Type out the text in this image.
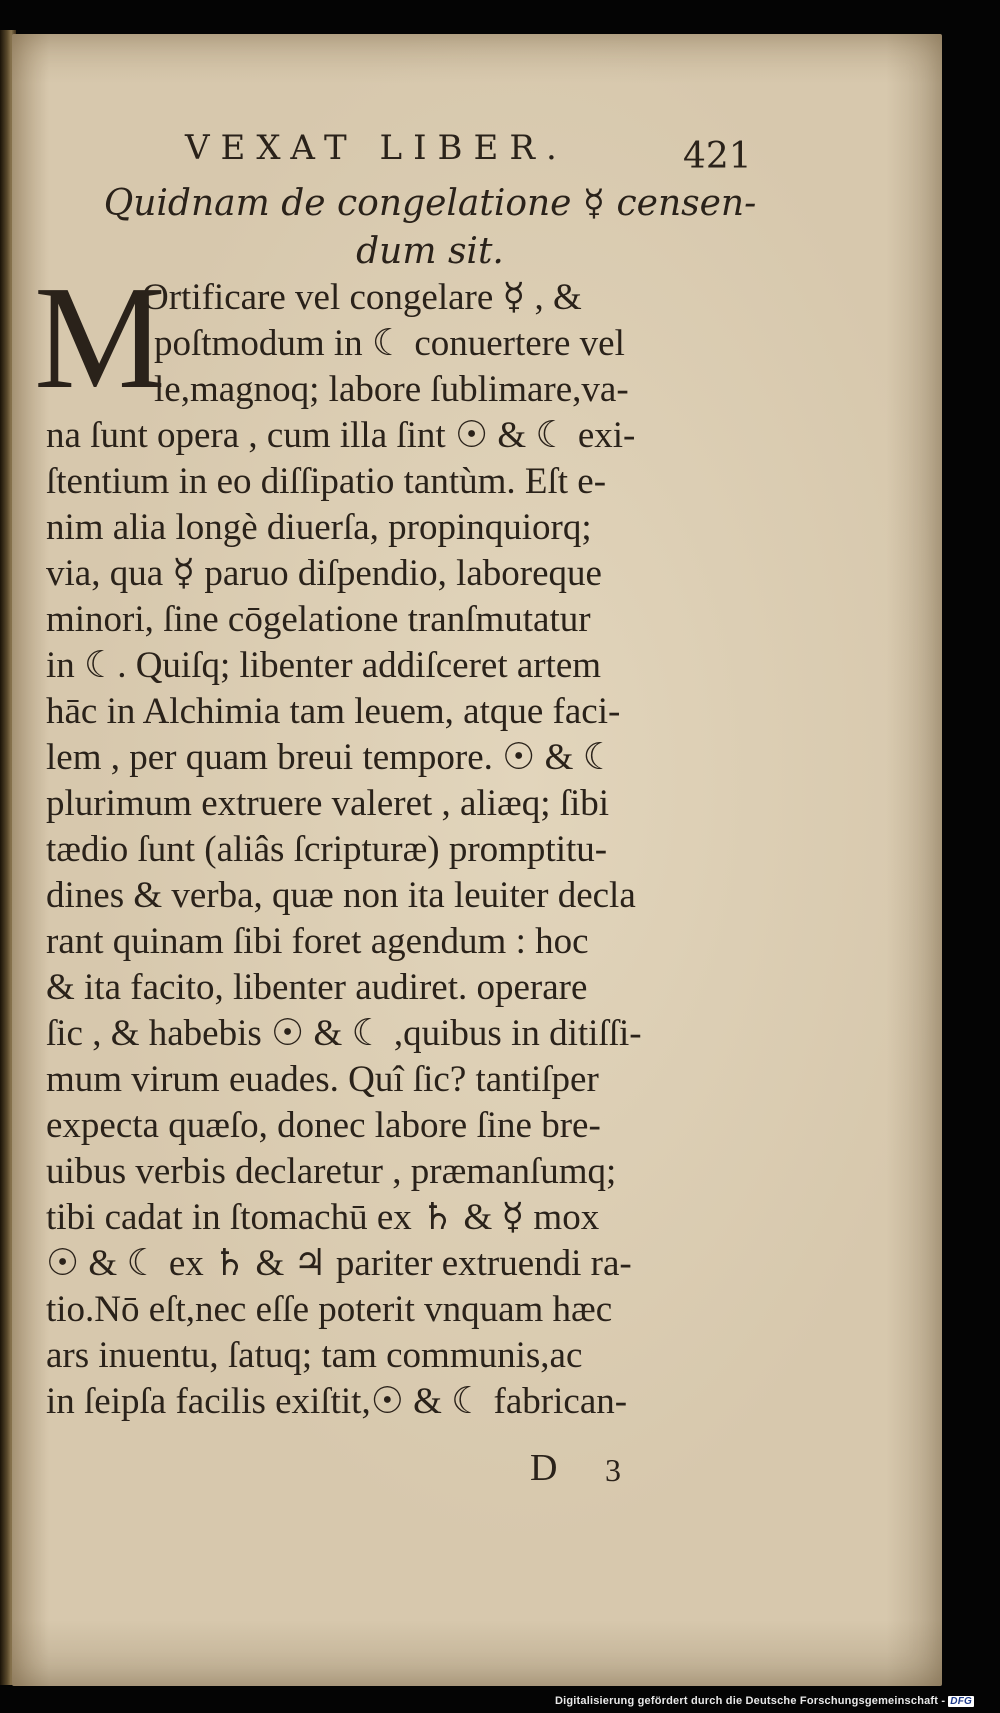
VEXAT LIBER.	421
Quidnam de congelatione ☿ censen-
dum sit.
M
Ortificare vel congelare ☿ , &
poſtmodum in ☾ conuertere vel
le,magnoq; labore ſublimare,va-
na ſunt opera , cum illa ſint ☉ & ☾ exi-
ſtentium in eo diſſipatio tantùm. Eſt e-
nim alia longè diuerſa, propinquiorq;
via, qua ☿ paruo diſpendio, laboreque
minori, ſine cōgelatione tranſmutatur
in ☾. Quiſq; libenter addiſceret artem
hāc in Alchimia tam leuem, atque faci-
lem , per quam breui tempore. ☉ & ☾
plurimum extruere valeret , aliæq; ſibi
tædio ſunt (aliâs ſcripturæ) promptitu-
dines & verba, quæ non ita leuiter decla
rant quinam ſibi foret agendum : hoc
& ita facito, libenter audiret. operare
ſic , & habebis ☉ & ☾ ,quibus in ditiſſi-
mum virum euades. Quî ſic? tantiſper
expecta quæſo, donec labore ſine bre-
uibus verbis declaretur , præmanſumq;
tibi cadat in ſtomachū ex ♄ & ☿ mox
☉ & ☾ ex ♄ & ♃ pariter extruendi ra-
tio.Nō eſt,nec eſſe poterit vnquam hæc
ars inuentu, ſatuq; tam communis,ac
in ſeipſa facilis exiſtit,☉ & ☾ fabrican-
D 3
Digitalisierung gefördert durch die Deutsche Forschungsgemeinschaft - DFG
